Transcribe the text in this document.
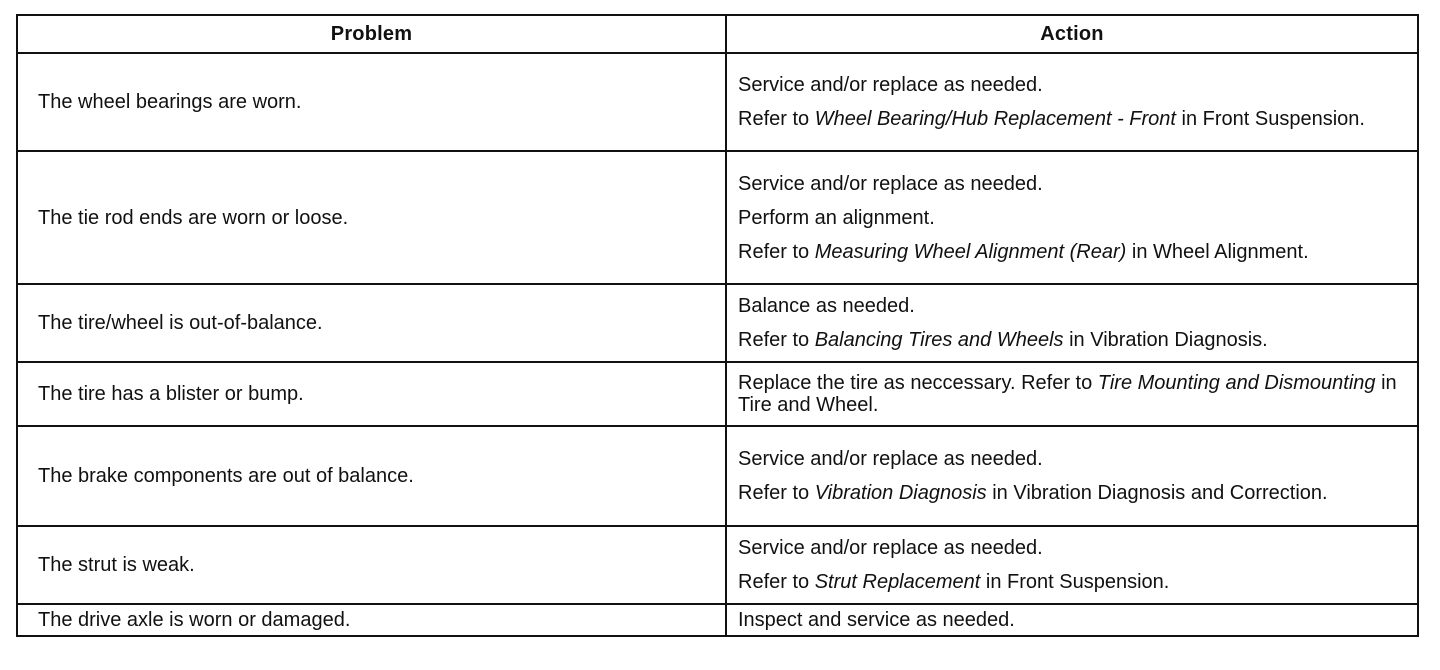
Problem	Action
The wheel bearings are worn.	Service and/or replace as needed.

Refer to Wheel Bearing/Hub Replacement - Front in Front Suspension.

The tie rod ends are worn or loose.	Service and/or replace as needed.

Perform an alignment.

Refer to Measuring Wheel Alignment (Rear) in Wheel Alignment.

The tire/wheel is out-of-balance.	Balance as needed.

Refer to Balancing Tires and Wheels in Vibration Diagnosis.

The tire has a blister or bump.	Replace the tire as neccessary. Refer to Tire Mounting and Dismounting in Tire and Wheel.

The brake components are out of balance.	Service and/or replace as needed.

Refer to Vibration Diagnosis in Vibration Diagnosis and Correction.

The strut is weak.	Service and/or replace as needed.

Refer to Strut Replacement in Front Suspension.

The drive axle is worn or damaged.	Inspect and service as needed.
